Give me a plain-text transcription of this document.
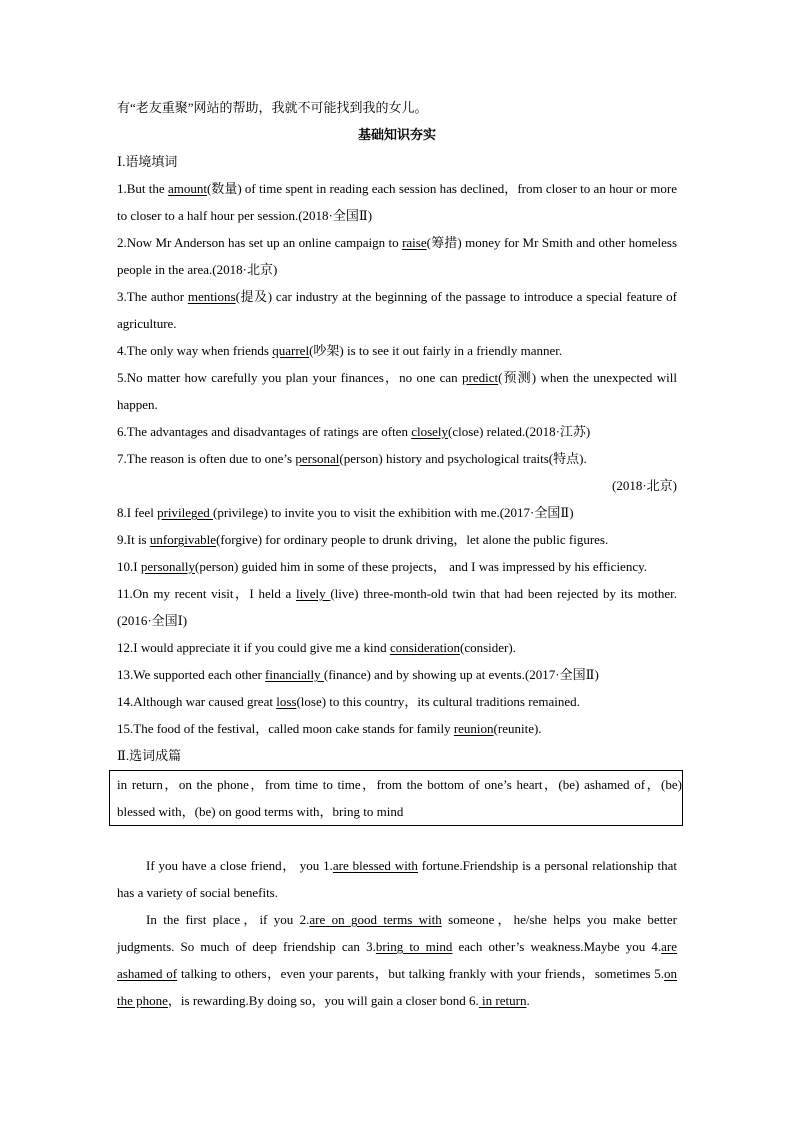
有“老友重聚”网站的帮助，我就不可能找到我的女儿。

基础知识夯实

Ⅰ.语境填词

1.But the amount(数量) of time spent in reading each session has declined，from closer to an hour or more to closer to a half hour per session.(2018·全国Ⅱ)

2.Now Mr Anderson has set up an online campaign to raise(筹措) money for Mr Smith and other homeless people in the area.(2018·北京)

3.The author mentions(提及) car industry at the beginning of the passage to introduce a special feature of agriculture.

4.The only way when friends quarrel(吵架) is to see it out fairly in a friendly manner.

5.No matter how carefully you plan your finances，no one can predict(预测) when the unexpected will happen.

6.The advantages and disadvantages of ratings are often closely(close) related.(2018·江苏)

7.The reason is often due to one’s personal(person) history and psychological traits(特点).

(2018·北京)

8.I feel privileged (privilege) to invite you to visit the exhibition with me.(2017·全国Ⅱ)

9.It is unforgivable(forgive) for ordinary people to drunk driving，let alone the public figures.

10.I personally(person) guided him in some of these projects， and I was impressed by his efficiency.

11.On my recent visit，I held a lively (live) three-month-old twin that had been rejected by its mother.(2016·全国Ⅰ)

12.I would appreciate it if you could give me a kind consideration(consider).

13.We supported each other financially (finance) and by showing up at events.(2017·全国Ⅱ)

14.Although war caused great loss(lose) to this country，its cultural traditions remained.

15.The food of the festival，called moon cake stands for family reunion(reunite).

Ⅱ.选词成篇

in return，on the phone，from time to time，from the bottom of one’s heart，(be) ashamed of，(be) blessed with，(be) on good terms with，bring to mind

If you have a close friend， you 1.are blessed with fortune.Friendship is a personal relationship that has a variety of social benefits.

In the first place，if you 2.are on good terms with someone，he/she helps you make better judgments. So much of deep friendship can 3.bring to mind each other’s weakness.Maybe you 4.are ashamed of talking to others，even your parents，but talking frankly with your friends，sometimes 5.on the phone，is rewarding.By doing so，you will gain a closer bond 6. in return.
